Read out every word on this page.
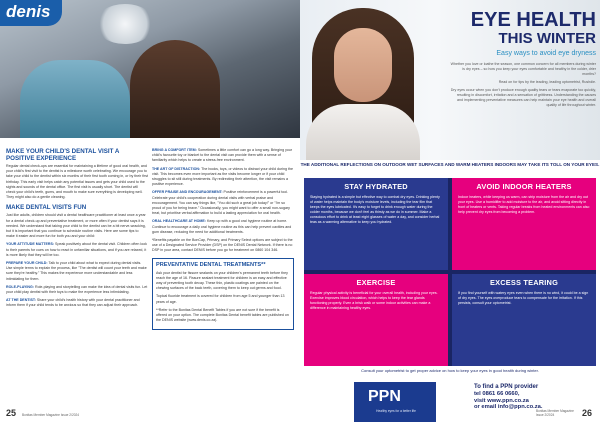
denis
MAKE YOUR CHILD'S DENTAL VISIT A POSITIVE EXPERIENCE

Regular dental check-ups are essential for maintaining a lifetime of good oral health, and your child's first visit to the dentist is a milestone worth celebrating. We encourage you to take your child to the dentist within six months of their first tooth coming in, or by their first birthday. This early visit helps catch any potential issues and gets your child used to the sights and sounds of the dental office. The first visit is usually short. The dentist will check your child's teeth, gums, and mouth to make sure everything is developing well. They might also do a gentle cleaning.

MAKE DENTAL VISITS FUN

Just like adults, children should visit a dental healthcare practitioner at least once a year for a dental check-up and preventative treatment, or more often if your dentist says it is needed. We understand that taking your child to the dentist can be a bit nerve-wracking, but it is important that you continue to schedule routine visits. Here are some tips to make it easier and more fun for both you and your child:

YOUR ATTITUDE MATTERS: Speak positively about the dental visit. Children often look to their parents for cues on how to react in unfamiliar situations, and if you are relaxed, it is more likely that they will be too.

PREPARE YOUR CHILD: Talk to your child about what to expect during dental visits. Use simple terms to explain the process, like "The dentist will count your teeth and make sure they're healthy." This makes the experience more understandable and less intimidating for them.

ROLE-PLAYING: Role-playing and storytelling can make the idea of dental visits fun. Let your child play dentist with their toys to make the experience less intimidating.

AT THE DENTIST: Share your child's health history with your dental practitioner and inform them if your child tends to be anxious so that they can adjust their approach.

BRING A COMFORT ITEM: Sometimes a little comfort can go a long way. Bringing your child's favourite toy or blanket to the dental visit can provide them with a sense of familiarity which helps to create a stress-free environment.

THE ART OF DISTRACTION: The books, toys, or videos to distract your child during the visit. This becomes even more important as the visits become longer or if your child struggles to sit still during treatments. By redirecting their attention, the visit remains a positive experience.

OFFER PRAISE AND ENCOURAGEMENT: Positive reinforcement is a powerful tool. Celebrate your child's cooperation during dental visits with verbal praise and encouragement. You can say things like, "You did such a great job today!" or "I'm so proud of you for being brave." Occasionally, you might want to offer a small non-sugary treat, but prioritise verbal affirmation to build a lasting appreciation for oral health.

ORAL HEALTHCARE AT HOME: Keep up with a good oral hygiene routine at home. Continue to encourage a daily oral hygiene routine as this can help prevent cavities and gum disease, reducing the need for additional treatments.

*Benefits payable on the BonCap, Primary, and Primary Select options are subject to the use of a Designated Service Provider (DSP) on the DENIS Dental Network. If there is no DSP in your area, contact DENIS before you go for treatment on 0860 104 346.

PREVENTATIVE DENTAL TREATMENTS**

Ask your dentist for fissure sealants on your children's permanent teeth before they reach the age of 16. Fissure sealant treatment for children is an easy and effective way of preventing tooth decay. These thin, plastic coatings are painted on the chewing surfaces of the back teeth, covering them to keep out germs and food.

Topical fluoride treatment is covered for children from age 5 and younger than 13 years of age.

**Refer to the Bonitas Dental Benefit Tables if you are not sure if the benefit is offered on your option. The complete Bonitas Dental benefit tables are published on the DENIS website (www.denis.co.za).

25 Bonitas Member Magazine Issue 2/2024
EYE HEALTH
THIS WINTER
Easy ways to avoid eye dryness

Whether you love or loathe the season, one common concern for all members during winter is dry eyes – so how you keep your eyes comfortable and healthy in the colder, drier months?

Read on for tips by the leading, leading optometrist, Rushdie.

Dry eyes occur when you don't produce enough quality tears or tears evaporate too quickly, resulting in discomfort, irritation and a sensation of grittiness. Understanding the causes and implementing preventative measures can help maintain your eye health and overall quality of life throughout winter.

THE ADDITIONAL REFLECTIONS ON OUTDOOR WET SURFACES AND WARM HEATERS INDOORS MAY TAKE ITS TOLL ON YOUR EYES.
STAY HYDRATED

Staying hydrated is a simple but effective way to combat dry eyes. Drinking plenty of water helps maintain the body's moisture levels, including the tear film that keeps the eyes lubricated. It's easy to forget to drink enough water during the colder months, because we don't feel as thirsty as we do in summer. Make a conscious effort to drink at least eight glasses of water a day, and consider herbal teas as a warming alternative to keep you hydrated.

AVOID INDOOR HEATERS

Indoor heaters, while keeping us warm, can strip moisture from the air and dry out your eyes. Use a humidifier to add moisture to the air, and avoid sitting directly in front of heaters or vents. Taking regular breaks from heated environments can also help prevent dry eyes from becoming a problem.

EXERCISE

Regular physical activity is beneficial for your overall health, including your eyes. Exercise improves blood circulation, which helps to keep the tear glands functioning properly. Even a brisk walk or some indoor activities can make a difference in maintaining healthy eyes.

EXCESS TEARING

If you find yourself with watery eyes even when there is no wind, it could be a sign of dry eyes. The eyes overproduce tears to compensate for the irritation. If this persists, consult your optometrist.

Consult your optometrist to get proper advice on how to keep your eyes in good health during winter.
PPN
Healthy eyes for a better life
To find a PPN provider
tel 0861 66 0660,
visit www.ppn.co.za
or email info@ppn.co.za.
Bonitas Member Magazine Issue 2/2024	26
